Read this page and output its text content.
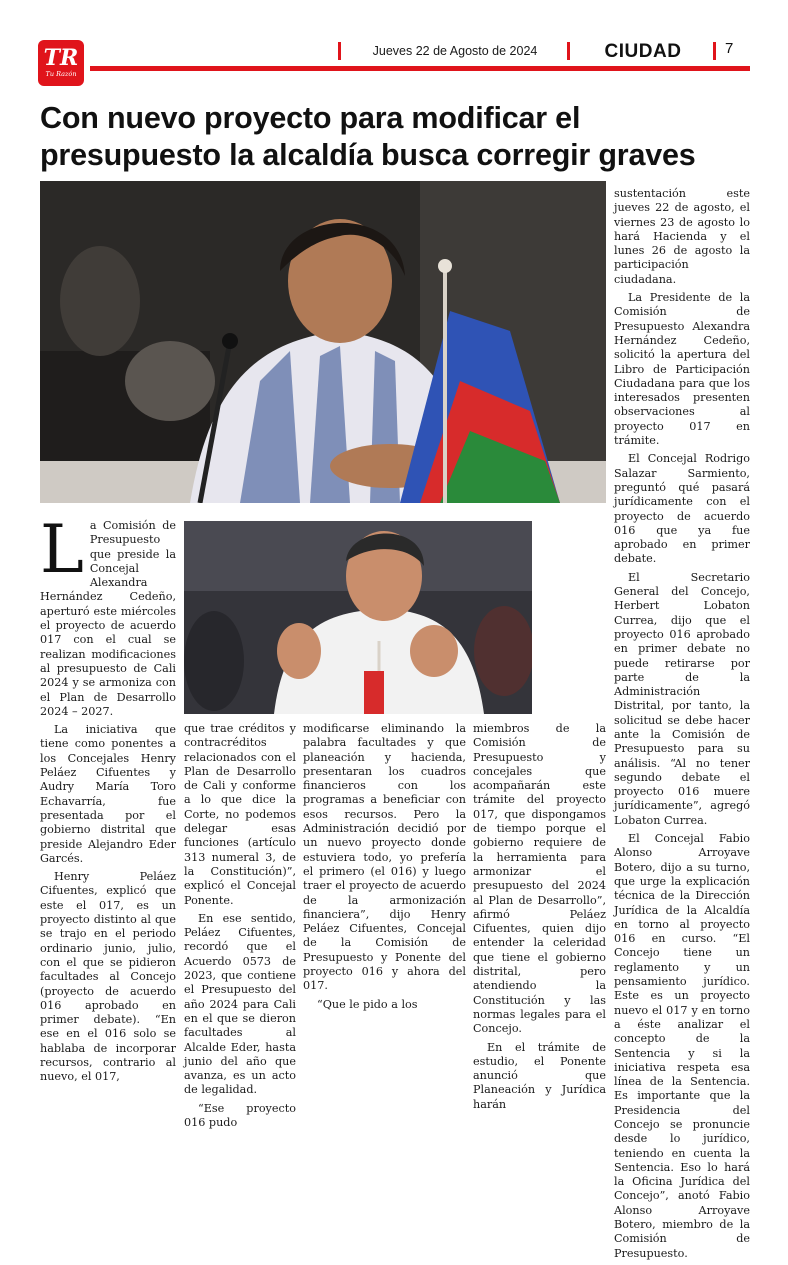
TR
Tu Razón
Jueves 22 de Agosto de 2024	CIUDAD	7
Con nuevo proyecto para modificar el presupuesto la alcaldía busca corregir graves

La Comisión de Presupuesto que preside la Concejal Alexandra Hernández Cedeño, aperturó este miércoles el proyecto de acuerdo 017 con el cual se realizan modificaciones al presupuesto de Cali 2024 y se armoniza con el Plan de Desarrollo 2024 – 2027.

La iniciativa que tiene como ponentes a los Concejales Henry Peláez Cifuentes y Audry María Toro Echavarría, fue presentada por el gobierno distrital que preside Alejandro Eder Garcés.

Henry Peláez Cifuentes, explicó que este el 017, es un proyecto distinto al que se trajo en el periodo ordinario junio, julio, con el que se pidieron facultades al Concejo (proyecto de acuerdo 016 aprobado en primer debate). “En ese en el 016 solo se hablaba de incorporar recursos, contrario al nuevo, el 017,

que trae créditos y contracréditos relacionados con el Plan de Desarrollo de Cali y conforme a lo que dice la Corte, no podemos delegar esas funciones (artículo 313 numeral 3, de la Constitución)”, explicó el Concejal Ponente.

En ese sentido, Peláez Cifuentes, recordó que el Acuerdo 0573 de 2023, que contiene el Presupuesto del año 2024 para Cali en el que se dieron facultades al Alcalde Eder, hasta junio del año que avanza, es un acto de legalidad.

“Ese proyecto 016 pudo

modificarse eliminando la palabra facultades y que planeación y hacienda, presentaran los cuadros financieros con los programas a beneficiar con esos recursos. Pero la Administración decidió por un nuevo proyecto donde estuviera todo, yo prefería el primero (el 016) y luego traer el proyecto de acuerdo de la armonización financiera”, dijo Henry Peláez Cifuentes, Concejal de la Comisión de Presupuesto y Ponente del proyecto 016 y ahora del 017.

“Que le pido a los

miembros de la Comisión de Presupuesto y concejales que acompañarán este trámite del proyecto 017, que dispongamos de tiempo porque el gobierno requiere de la herramienta para armonizar el presupuesto del 2024 al Plan de Desarrollo”, afirmó Peláez Cifuentes, quien dijo entender la celeridad que tiene el gobierno distrital, pero atendiendo la Constitución y las normas legales para el Concejo.

En el trámite de estudio, el Ponente anunció que Planeación y Jurídica harán

sustentación este jueves 22 de agosto, el viernes 23 de agosto lo hará Hacienda y el lunes 26 de agosto la participación ciudadana.

La Presidente de la Comisión de Presupuesto Alexandra Hernández Cedeño, solicitó la apertura del Libro de Participación Ciudadana para que los interesados presenten observaciones al proyecto 017 en trámite.

El Concejal Rodrigo Salazar Sarmiento, preguntó qué pasará jurídicamente con el proyecto de acuerdo 016 que ya fue aprobado en primer debate.

El Secretario General del Concejo, Herbert Lobaton Currea, dijo que el proyecto 016 aprobado en primer debate no puede retirarse por parte de la Administración Distrital, por tanto, la solicitud se debe hacer ante la Comisión de Presupuesto para su análisis. “Al no tener segundo debate el proyecto 016 muere jurídicamente”, agregó Lobaton Currea.

El Concejal Fabio Alonso Arroyave Botero, dijo a su turno, que urge la explicación técnica de la Dirección Jurídica de la Alcaldía en torno al proyecto 016 en curso. “El Concejo tiene un reglamento y un pensamiento jurídico. Este es un proyecto nuevo el 017 y en torno a éste analizar el concepto de la Sentencia y si la iniciativa respeta esa línea de la Sentencia. Es importante que la Presidencia del Concejo se pronuncie desde lo jurídico, teniendo en cuenta la Sentencia. Eso lo hará la Oficina Jurídica del Concejo”, anotó Fabio Alonso Arroyave Botero, miembro de la Comisión de Presupuesto.
